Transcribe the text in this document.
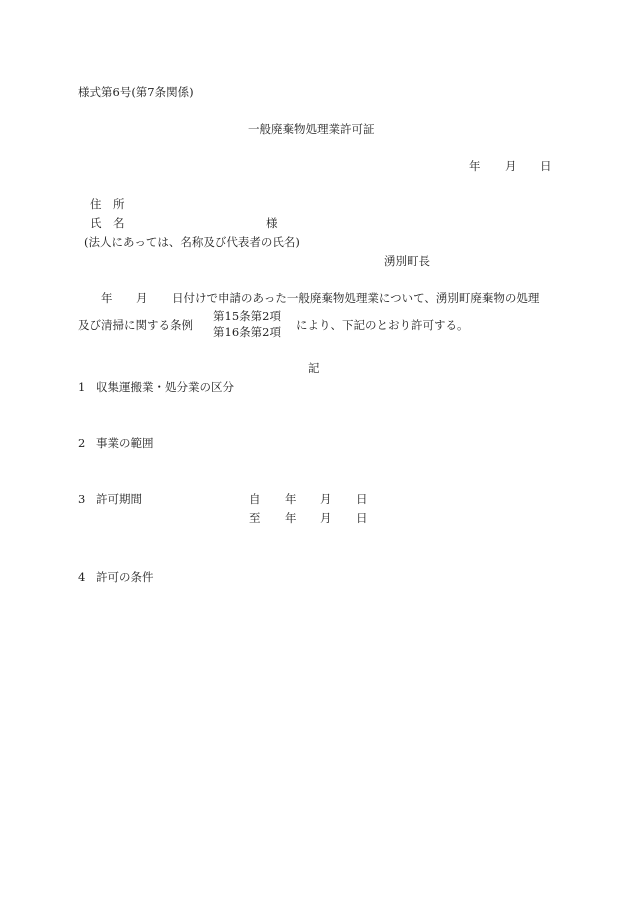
様式第6号(第7条関係)
一般廃棄物処理業許可証
年 月 日
住　所
氏　名	様
(法人にあっては、名称及び代表者の氏名)
湧別町長
年 月 日付けで申請のあった一般廃棄物処理業について、湧別町廃棄物の処理
及び清掃に関する条例
第15条第2項
第16条第2項 により、下記のとおり許可する。
記
1 収集運搬業・処分業の区分
2 事業の範囲
3 許可期間	自 年 月 日
至 年 月 日
4 許可の条件
